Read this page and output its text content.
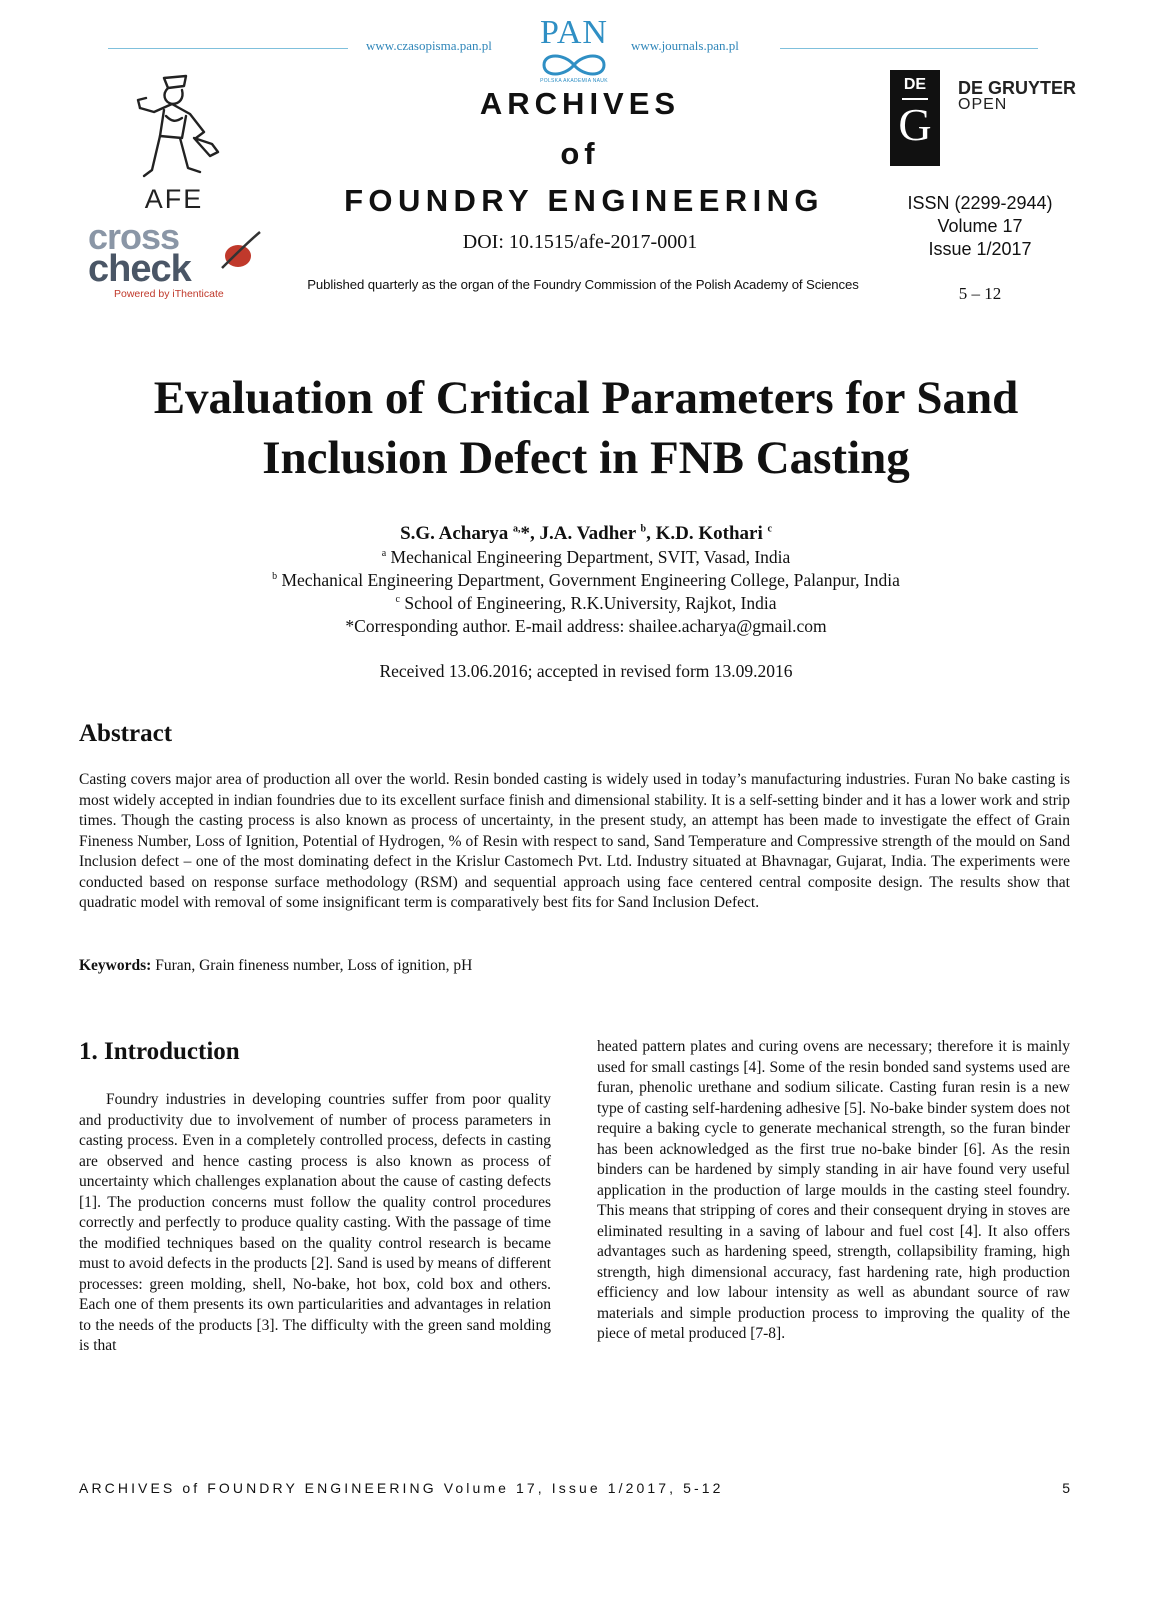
www.czasopisma.pan.pl	www.journals.pan.pl
PAN
POLSKA AKADEMIA NAUK
AFE
cross
check
Powered by iThenticate
ARCHIVES
of
FOUNDRY ENGINEERING
DOI: 10.1515/afe-2017-0001
Published quarterly as the organ of the Foundry Commission of the Polish Academy of Sciences
DE
G
DE GRUYTER
OPEN
ISSN (2299-2944)
Volume 17
Issue 1/2017
5 – 12
Evaluation of Critical Parameters for Sand
Inclusion Defect in FNB Casting
S.G. Acharya $^{a,}$*, J.A. Vadher $^b$, K.D. Kothari $^c$
$^a$ Mechanical Engineering Department, SVIT, Vasad, India
$^b$ Mechanical Engineering Department, Government Engineering College, Palanpur, India
$^c$ School of Engineering, R.K.University, Rajkot, India
*Corresponding author. E-mail address: shailee.acharya@gmail.com
Received 13.06.2016; accepted in revised form 13.09.2016
Abstract
Casting covers major area of production all over the world. Resin bonded casting is widely used in today’s manufacturing industries. Furan No bake casting is most widely accepted in indian foundries due to its excellent surface finish and dimensional stability. It is a self-setting binder and it has a lower work and strip times. Though the casting process is also known as process of uncertainty, in the present study, an attempt has been made to investigate the effect of Grain Fineness Number, Loss of Ignition, Potential of Hydrogen, % of Resin with respect to sand, Sand Temperature and Compressive strength of the mould on Sand Inclusion defect – one of the most dominating defect in the Krislur Castomech Pvt. Ltd. Industry situated at Bhavnagar, Gujarat, India. The experiments were conducted based on response surface methodology (RSM) and sequential approach using face centered central composite design. The results show that quadratic model with removal of some insignificant term is comparatively best fits for Sand Inclusion Defect.
Keywords: Furan, Grain fineness number, Loss of ignition, pH
1. Introduction
Foundry industries in developing countries suffer from poor quality and productivity due to involvement of number of process parameters in casting process. Even in a completely controlled process, defects in casting are observed and hence casting process is also known as process of uncertainty which challenges explanation about the cause of casting defects [1]. The production concerns must follow the quality control procedures correctly and perfectly to produce quality casting. With the passage of time the modified techniques based on the quality control research is became must to avoid defects in the products [2]. Sand is used by means of different processes: green molding, shell, No-bake, hot box, cold box and others. Each one of them presents its own particularities and advantages in relation to the needs of the products [3]. The difficulty with the green sand molding is that
heated pattern plates and curing ovens are necessary; therefore it is mainly used for small castings [4]. Some of the resin bonded sand systems used are furan, phenolic urethane and sodium silicate. Casting furan resin is a new type of casting self-hardening adhesive [5]. No-bake binder system does not require a baking cycle to generate mechanical strength, so the furan binder has been acknowledged as the first true no-bake binder [6]. As the resin binders can be hardened by simply standing in air have found very useful application in the production of large moulds in the casting steel foundry. This means that stripping of cores and their consequent drying in stoves are eliminated resulting in a saving of labour and fuel cost [4]. It also offers advantages such as hardening speed, strength, collapsibility framing, high strength, high dimensional accuracy, fast hardening rate, high production efficiency and low labour intensity as well as abundant source of raw materials and simple production process to improving the quality of the piece of metal produced [7-8].
ARCHIVES of FOUNDRY ENGINEERING Volume 17, Issue 1/2017, 5-12	5
